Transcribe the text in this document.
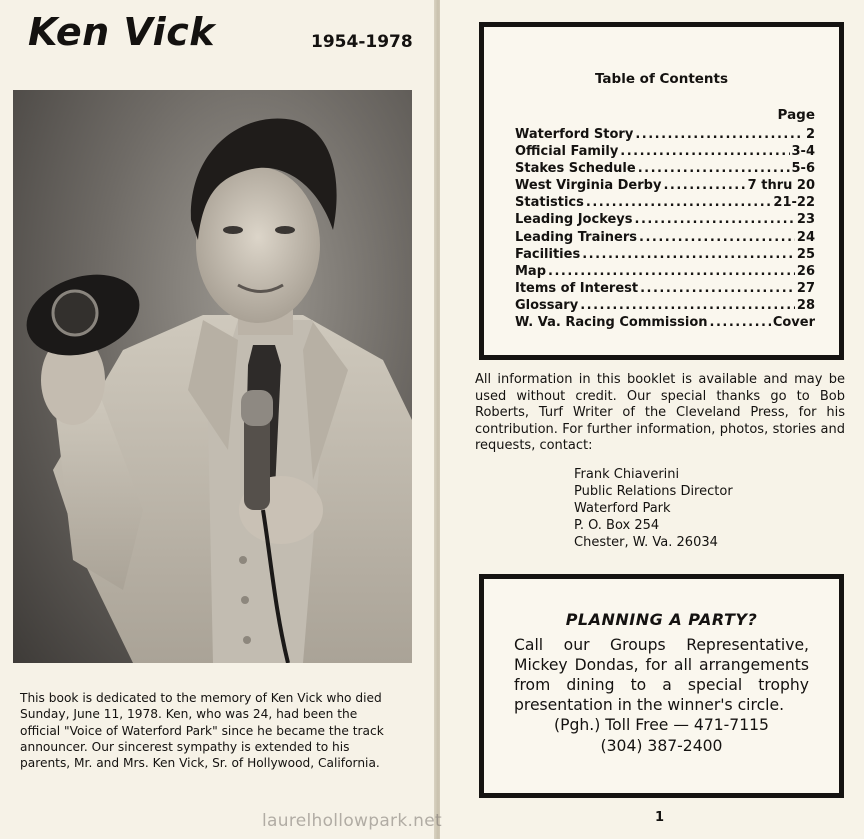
Ken Vick	1954-1978

This book is dedicated to the memory of Ken Vick who died Sunday, June 11, 1978. Ken, who was 24, had been the official "Voice of Waterford Park" since he became the track announcer. Our sincerest sympathy is extended to his parents, Mr. and Mrs. Ken Vick, Sr. of Hollywood, California.

Table of Contents
Page
Waterford Story .....	2
Official Family .....	3-4
Stakes Schedule .....	5-6
West Virginia Derby .....	7 thru 20
Statistics .....	21-22
Leading Jockeys .....	23
Leading Trainers .....	24
Facilities .....	25
Map .....	26
Items of Interest .....	27
Glossary .....	28
W. Va. Racing Commission .....	Cover

All information in this booklet is available and may be used without credit. Our special thanks go to Bob Roberts, Turf Writer of the Cleveland Press, for his contribution. For further information, photos, stories and requests, contact:

Frank Chiaverini
Public Relations Director
Waterford Park
P. O. Box 254
Chester, W. Va. 26034
PLANNING A PARTY?

Call our Groups Representative, Mickey Dondas, for all arrangements from dining to a special trophy presentation in the winner's circle.

(Pgh.) Toll Free — 471-7115
(304) 387-2400
1
laurelhollowpark.net
